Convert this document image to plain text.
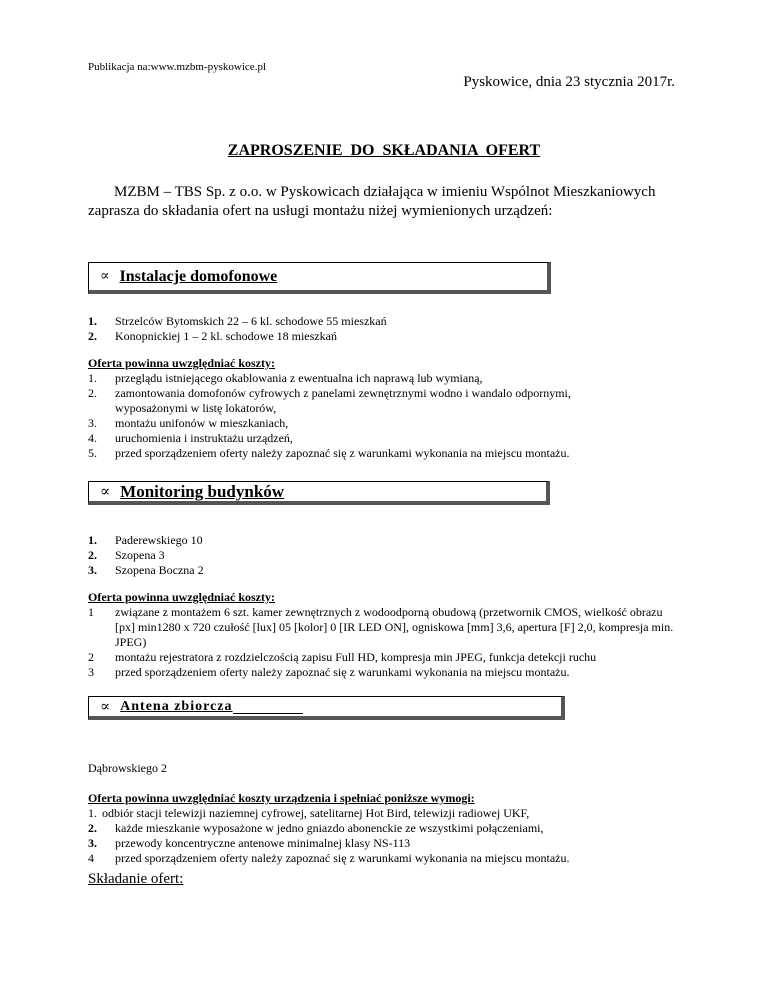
Publikacja na:www.mzbm-pyskowice.pl
Pyskowice, dnia 23 stycznia 2017r.
ZAPROSZENIE DO SKŁADANIA OFERT
MZBM – TBS Sp. z o.o. w Pyskowicach działająca w imieniu Wspólnot Mieszkaniowych zaprasza do składania ofert na usługi montażu niżej wymienionych urządzeń:
∝ Instalacje domofonowe
1.	Strzelców Bytomskich 22 – 6 kl. schodowe 55 mieszkań
2.	Konopnickiej 1 – 2 kl. schodowe 18 mieszkań
Oferta powinna uwzględniać koszty:
1.	przeglądu istniejącego okablowania z ewentualna ich naprawą lub wymianą,
2.	zamontowania domofonów cyfrowych z panelami zewnętrznymi wodno i wandalo odpornymi, wyposażonymi w listę lokatorów,
3.	montażu unifonów w mieszkaniach,
4.	uruchomienia i instruktażu urządzeń,
5.	przed sporządzeniem oferty należy zapoznać się z warunkami wykonania na miejscu montażu.
∝ Monitoring budynków
1.	Paderewskiego 10
2.	Szopena 3
3.	Szopena Boczna 2
Oferta powinna uwzględniać koszty:
1	związane z montażem 6 szt. kamer zewnętrznych z wodoodporną obudową (przetwornik CMOS, wielkość obrazu [px] min1280 x 720 czułość [lux] 05 [kolor] 0 [IR LED ON], ogniskowa [mm] 3,6, apertura [F] 2,0, kompresja min. JPEG)
2	montażu rejestratora z rozdzielczością zapisu Full HD, kompresja min JPEG, funkcja detekcji ruchu
3	przed sporządzeniem oferty należy zapoznać się z warunkami wykonania na miejscu montażu.
∝ Antena zbiorcza
Dąbrowskiego 2
Oferta powinna uwzględniać koszty urządzenia i spełniać poniższe wymogi:
1. odbiór stacji telewizji naziemnej cyfrowej, satelitarnej Hot Bird, telewizji radiowej UKF,
2.	każde mieszkanie wyposażone w jedno gniazdo abonenckie ze wszystkimi połączeniami,
3.	przewody koncentryczne antenowe minimalnej klasy NS-113
4	przed sporządzeniem oferty należy zapoznać się z warunkami wykonania na miejscu montażu.
Składanie ofert:
